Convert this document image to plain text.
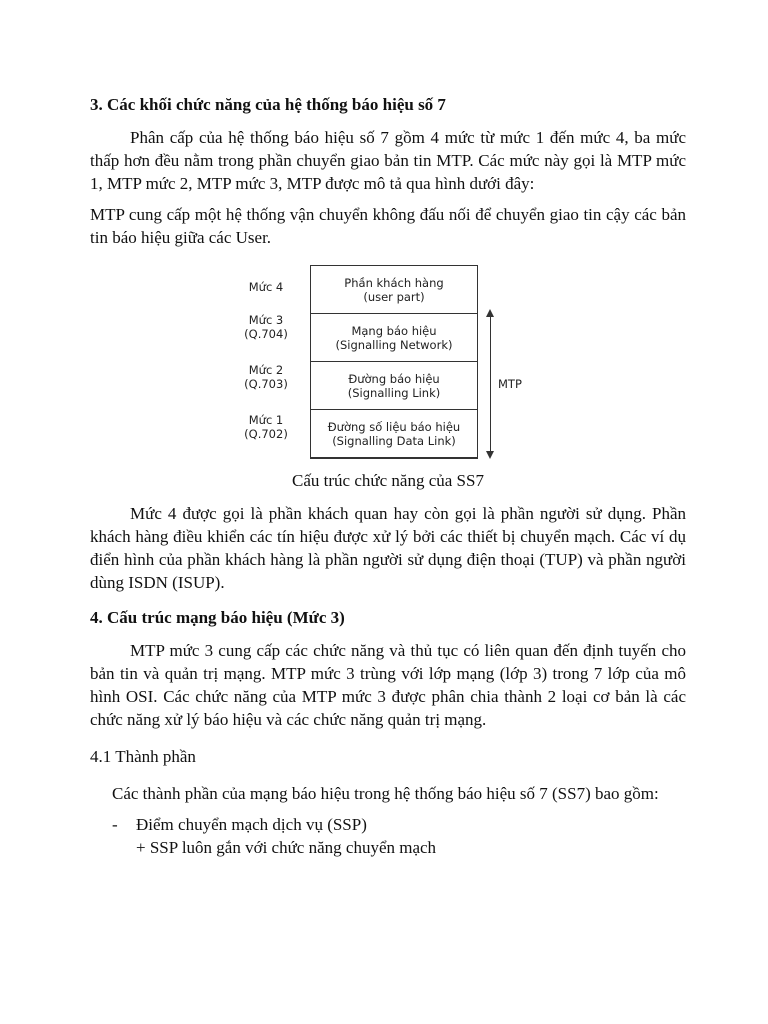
3. Các khối chức năng của hệ thống báo hiệu số 7

Phân cấp của hệ thống báo hiệu số 7 gồm 4 mức từ mức 1 đến mức 4, ba mức thấp hơn đều nằm trong phần chuyển giao bản tin MTP. Các mức này gọi là MTP mức 1, MTP mức 2, MTP mức 3, MTP được mô tả qua hình dưới đây:

MTP cung cấp một hệ thống vận chuyển không đấu nối để chuyển giao tin cậy các bản tin báo hiệu giữa các User.

Mức 4
Mức 3
(Q.704)
Mức 2
(Q.703)
Mức 1
(Q.702)
Phần khách hàng
(user part)
Mạng báo hiệu
(Signalling Network)
Đường báo hiệu
(Signalling Link)
Đường số liệu báo hiệu
(Signalling Data Link)
MTP

Cấu trúc chức năng của SS7

Mức 4 được gọi là phần khách quan hay còn gọi là phần người sử dụng. Phần khách hàng điều khiển các tín hiệu được xử lý bởi các thiết bị chuyển mạch. Các ví dụ điển hình của phần khách hàng là phần người sử dụng điện thoại (TUP) và phần người dùng ISDN (ISUP).

4. Cấu trúc mạng báo hiệu (Mức 3)

MTP mức 3 cung cấp các chức năng và thủ tục có liên quan đến định tuyến cho bản tin và quản trị mạng. MTP mức 3 trùng với lớp mạng (lớp 3) trong 7 lớp của mô hình OSI. Các chức năng của MTP mức 3 được phân chia thành 2 loại cơ bản là các chức năng xử lý báo hiệu và các chức năng quản trị mạng.

4.1 Thành phần

Các thành phần của mạng báo hiệu trong hệ thống báo hiệu số 7 (SS7) bao gồm:

-	Điểm chuyển mạch dịch vụ (SSP)
+ SSP luôn gắn với chức năng chuyển mạch
